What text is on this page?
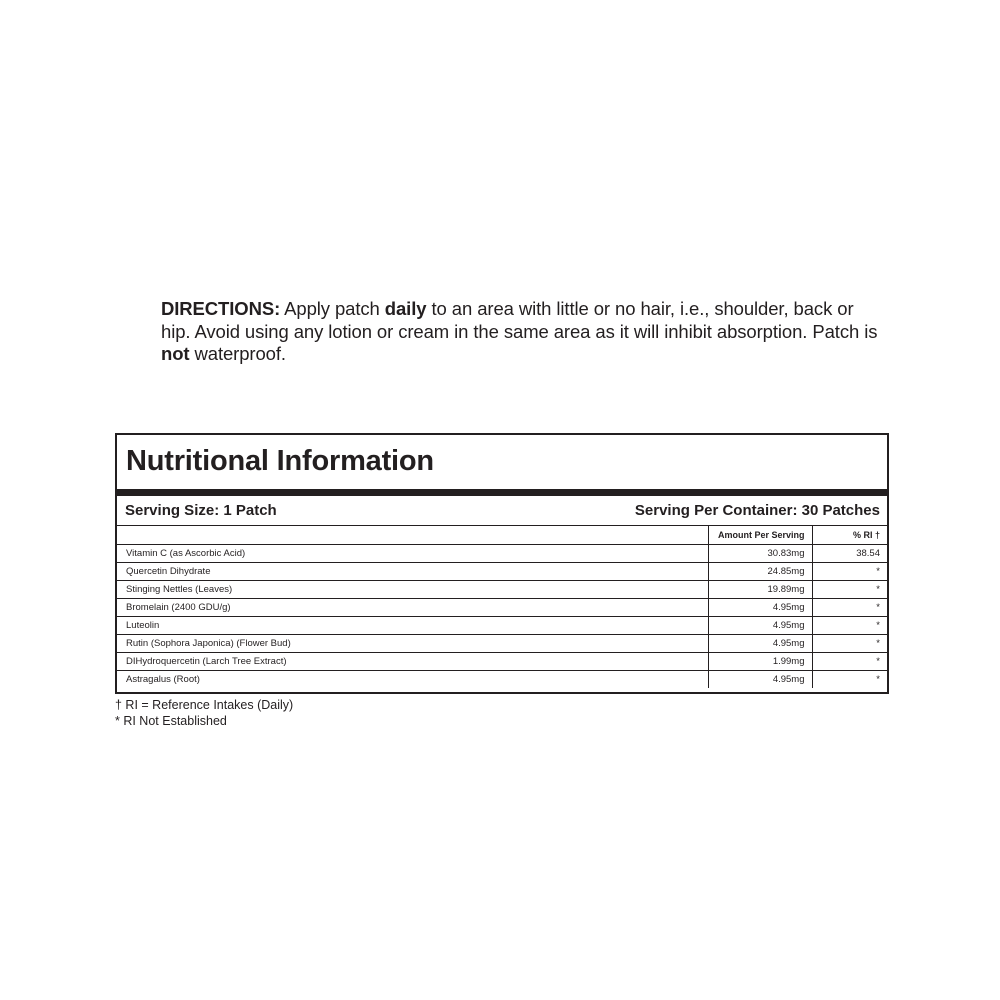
DIRECTIONS: Apply patch daily to an area with little or no hair, i.e., shoulder, back or hip. Avoid using any lotion or cream in the same area as it will inhibit absorption. Patch is not waterproof.
Nutritional Information
Serving Size: 1 Patch	Serving Per Container: 30 Patches
	Amount Per Serving	% RI †
Vitamin C (as Ascorbic Acid)	30.83mg	38.54
Quercetin Dihydrate	24.85mg	*
Stinging Nettles (Leaves)	19.89mg	*
Bromelain (2400 GDU/g)	4.95mg	*
Luteolin	4.95mg	*
Rutin (Sophora Japonica) (Flower Bud)	4.95mg	*
DIHydroquercetin (Larch Tree Extract)	1.99mg	*
Astragalus (Root)	4.95mg	*
† RI = Reference Intakes (Daily)
* RI Not Established
